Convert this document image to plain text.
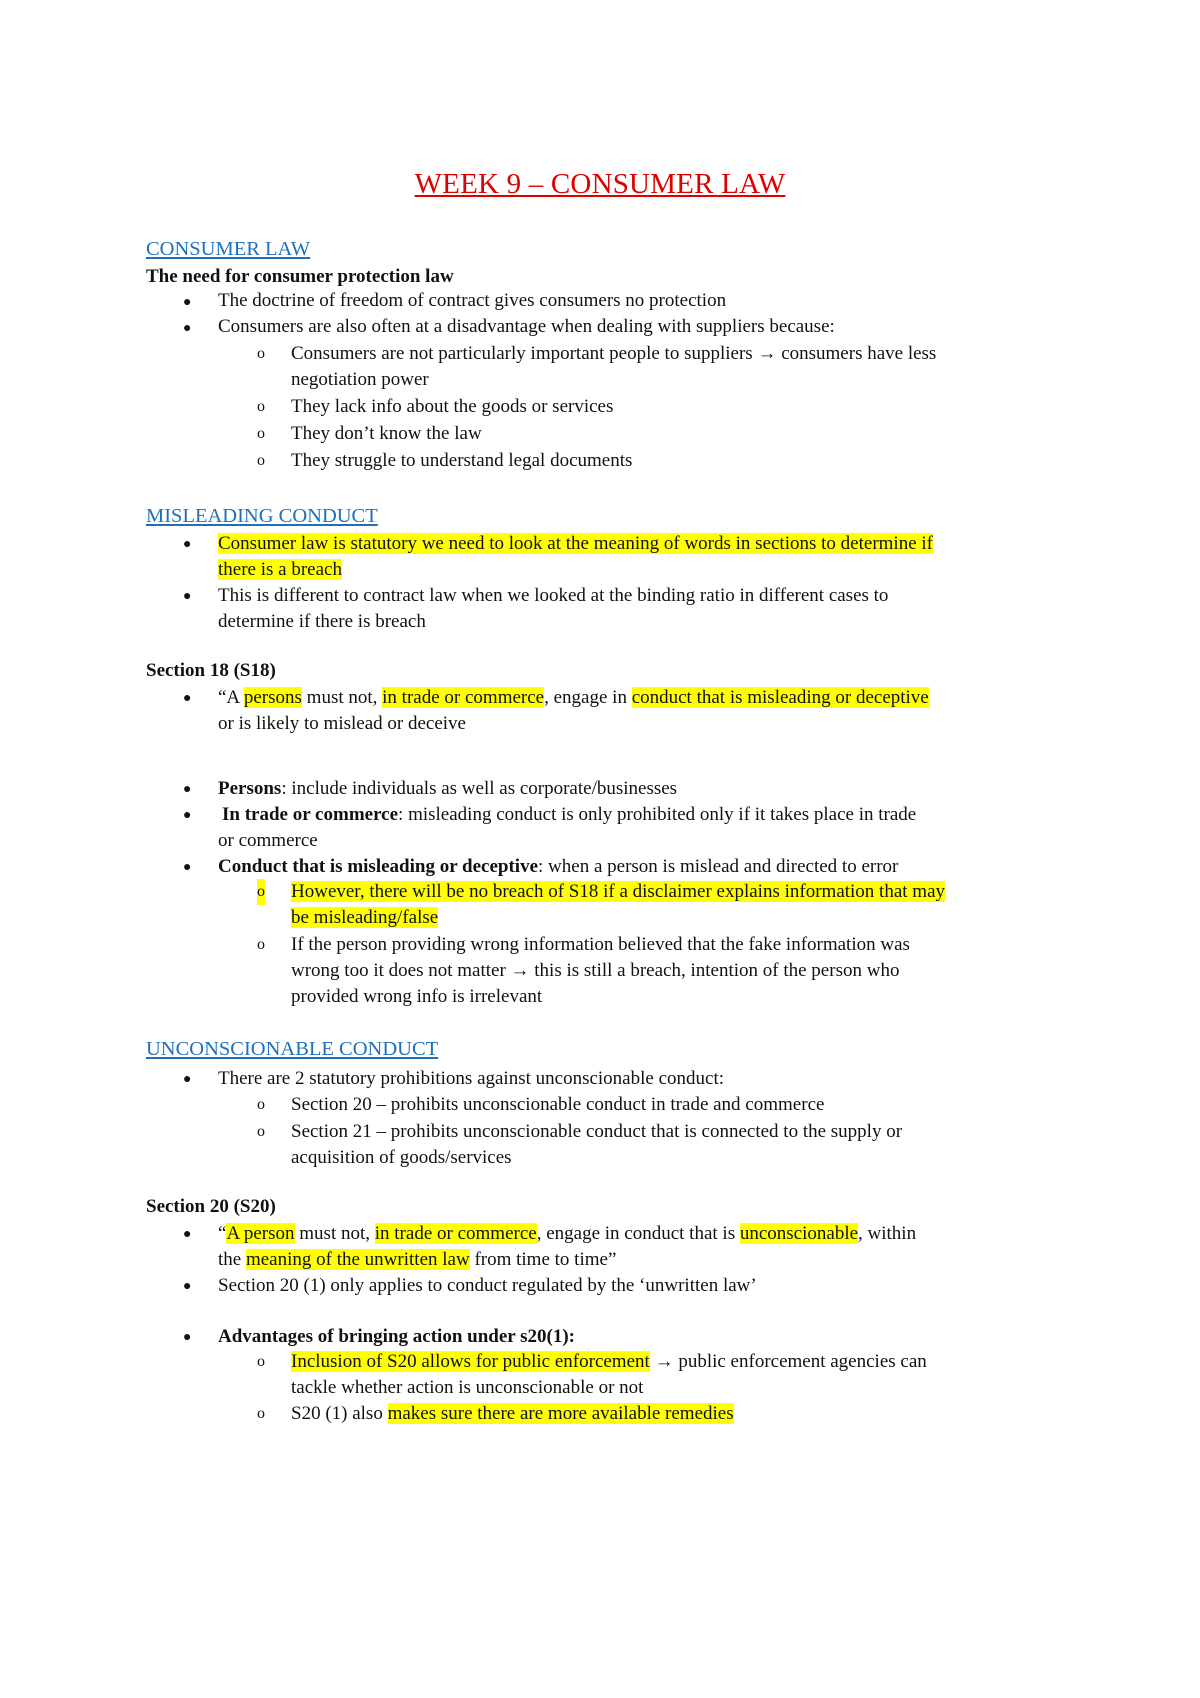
WEEK 9 – CONSUMER LAW
CONSUMER LAW
The need for consumer protection law
● The doctrine of freedom of contract gives consumers no protection
● Consumers are also often at a disadvantage when dealing with suppliers because:
o Consumers are not particularly important people to suppliers → consumers have less
negotiation power
o They lack info about the goods or services
o They don’t know the law
o They struggle to understand legal documents
MISLEADING CONDUCT
● Consumer law is statutory we need to look at the meaning of words in sections to determine if
there is a breach
● This is different to contract law when we looked at the binding ratio in different cases to
determine if there is breach
Section 18 (S18)
● “A persons must not, in trade or commerce, engage in conduct that is misleading or deceptive
or is likely to mislead or deceive
● Persons: include individuals as well as corporate/businesses
● In trade or commerce: misleading conduct is only prohibited only if it takes place in trade
or commerce
● Conduct that is misleading or deceptive: when a person is mislead and directed to error
o However, there will be no breach of S18 if a disclaimer explains information that may
be misleading/false
o If the person providing wrong information believed that the fake information was
wrong too it does not matter → this is still a breach, intention of the person who
provided wrong info is irrelevant
UNCONSCIONABLE CONDUCT
● There are 2 statutory prohibitions against unconscionable conduct:
o Section 20 – prohibits unconscionable conduct in trade and commerce
o Section 21 – prohibits unconscionable conduct that is connected to the supply or
acquisition of goods/services
Section 20 (S20)
● “A person must not, in trade or commerce, engage in conduct that is unconscionable, within
the meaning of the unwritten law from time to time”
● Section 20 (1) only applies to conduct regulated by the ‘unwritten law’
● Advantages of bringing action under s20(1):
o Inclusion of S20 allows for public enforcement → public enforcement agencies can
tackle whether action is unconscionable or not
o S20 (1) also makes sure there are more available remedies
